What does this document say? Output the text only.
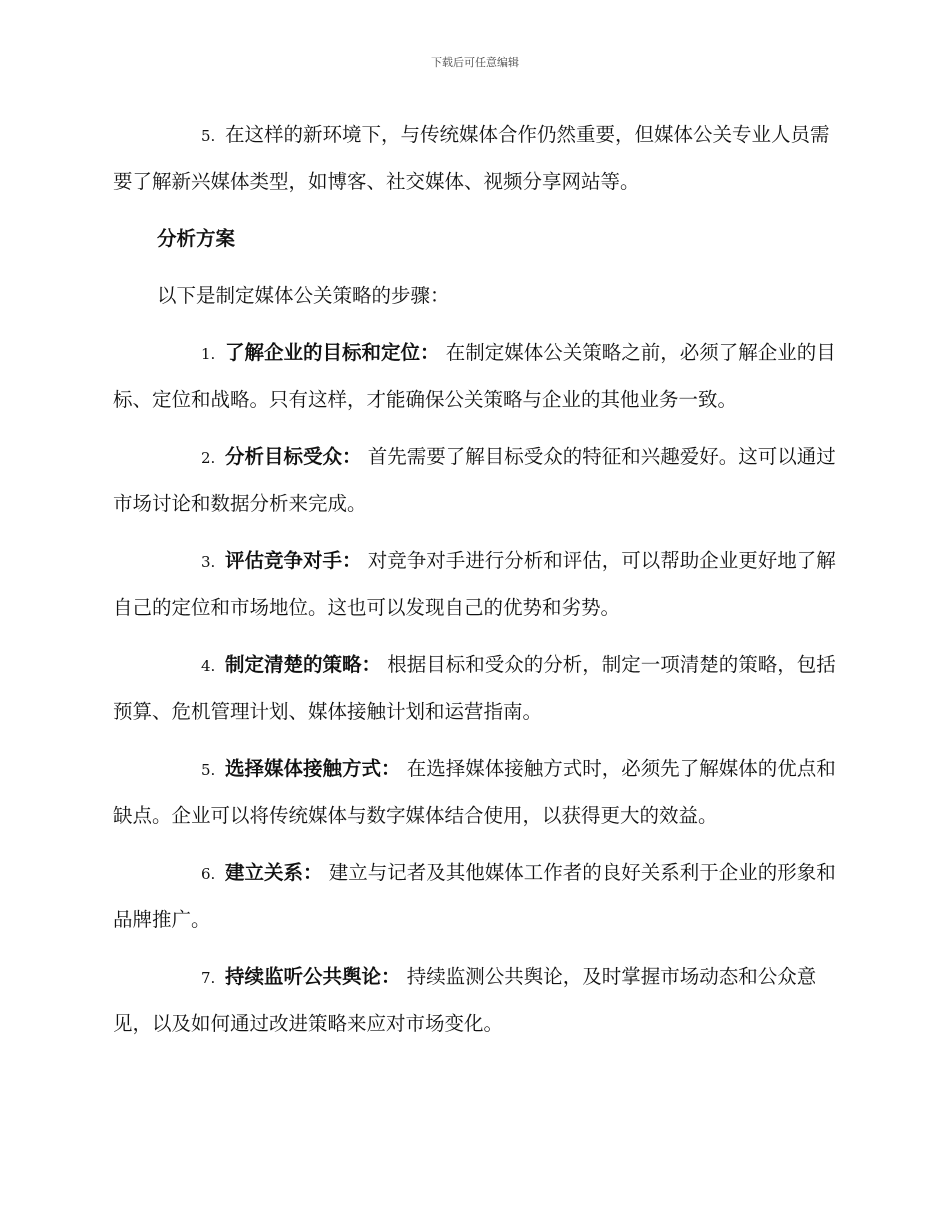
下载后可任意编辑

5. 在这样的新环境下，与传统媒体合作仍然重要，但媒体公关专业人员需要了解新兴媒体类型，如博客、社交媒体、视频分享网站等。

分析方案

以下是制定媒体公关策略的步骤：

1. 了解企业的目标和定位： 在制定媒体公关策略之前，必须了解企业的目标、定位和战略。只有这样，才能确保公关策略与企业的其他业务一致。

2. 分析目标受众： 首先需要了解目标受众的特征和兴趣爱好。这可以通过市场讨论和数据分析来完成。

3. 评估竞争对手： 对竞争对手进行分析和评估，可以帮助企业更好地了解自己的定位和市场地位。这也可以发现自己的优势和劣势。

4. 制定清楚的策略： 根据目标和受众的分析，制定一项清楚的策略，包括预算、危机管理计划、媒体接触计划和运营指南。

5. 选择媒体接触方式： 在选择媒体接触方式时，必须先了解媒体的优点和缺点。企业可以将传统媒体与数字媒体结合使用，以获得更大的效益。

6. 建立关系： 建立与记者及其他媒体工作者的良好关系利于企业的形象和品牌推广。

7. 持续监听公共舆论： 持续监测公共舆论，及时掌握市场动态和公众意见，以及如何通过改进策略来应对市场变化。
